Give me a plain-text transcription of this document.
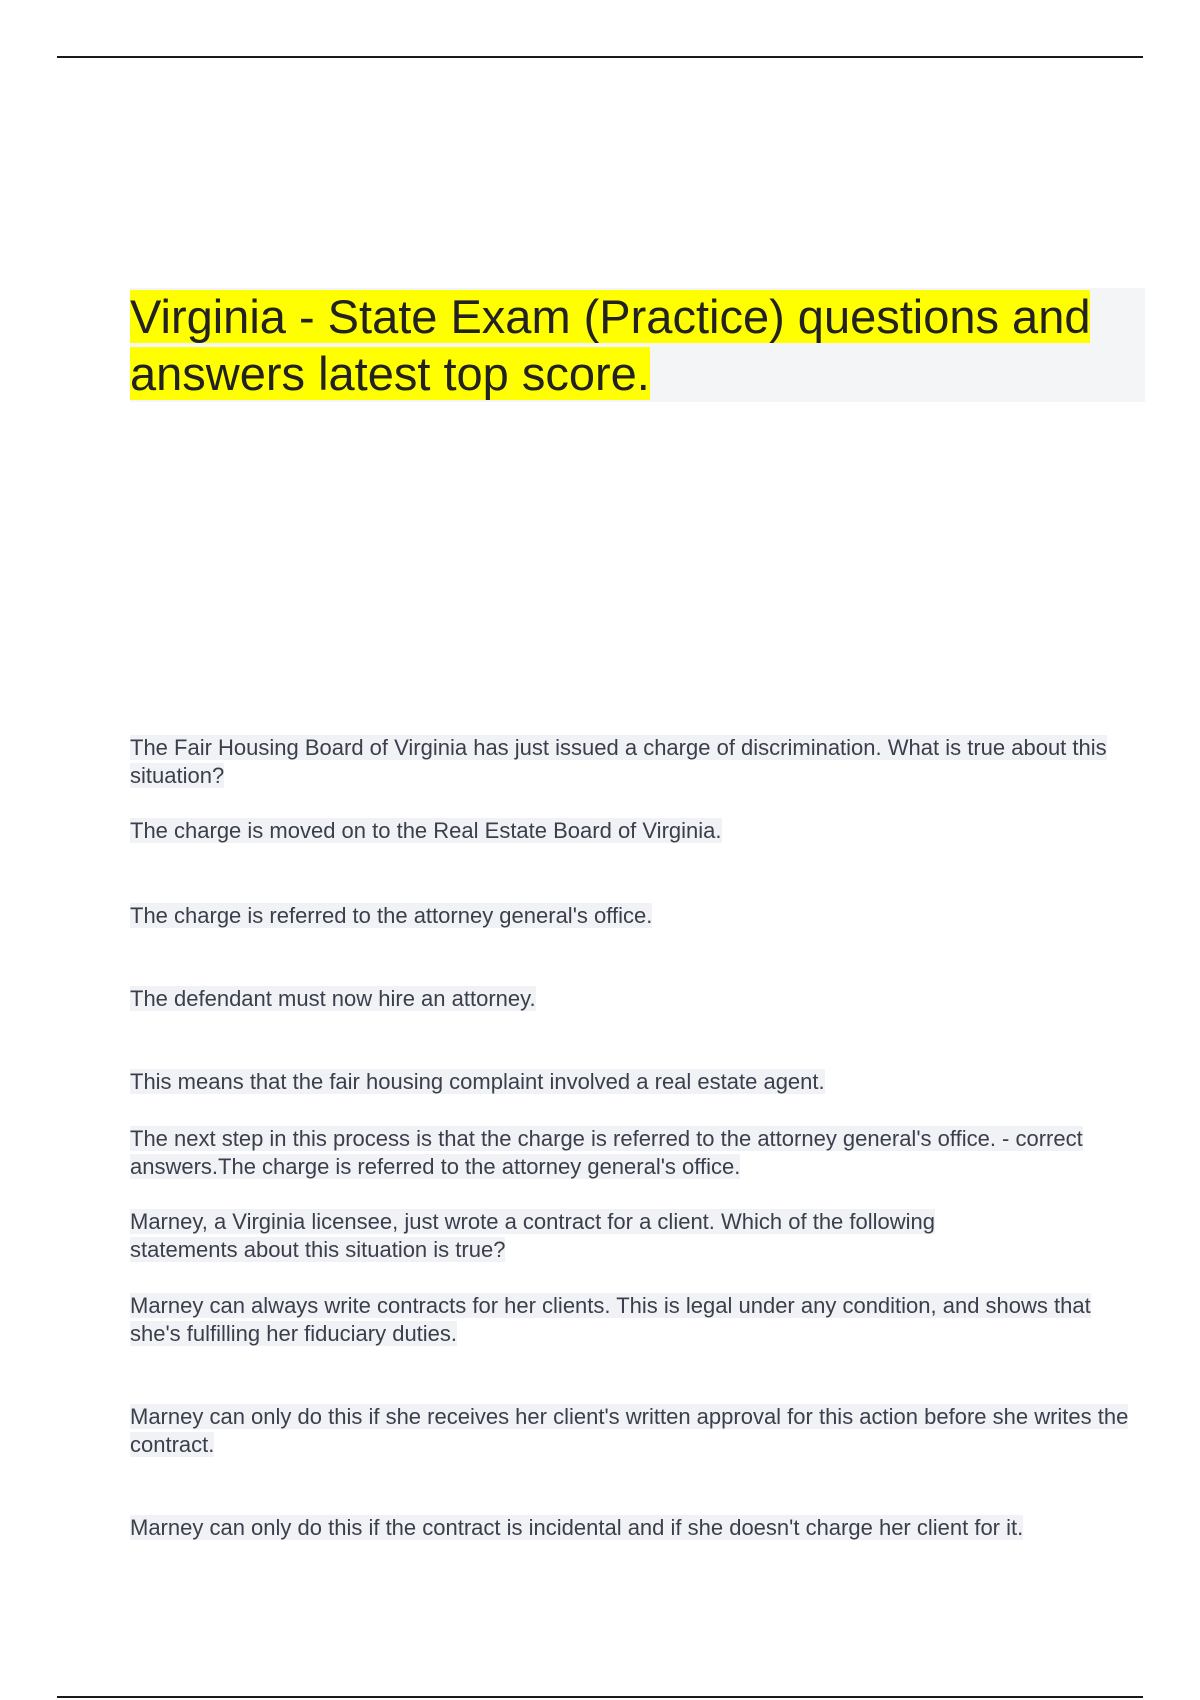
Virginia - State Exam (Practice) questions and answers latest top score.

The Fair Housing Board of Virginia has just issued a charge of discrimination. What is true about this situation?

The charge is moved on to the Real Estate Board of Virginia.

The charge is referred to the attorney general's office.

The defendant must now hire an attorney.

This means that the fair housing complaint involved a real estate agent.

The next step in this process is that the charge is referred to the attorney general's office. - correct answers.The charge is referred to the attorney general's office.

Marney, a Virginia licensee, just wrote a contract for a client. Which of the following statements about this situation is true?

Marney can always write contracts for her clients. This is legal under any condition, and shows that she's fulfilling her fiduciary duties.

Marney can only do this if she receives her client's written approval for this action before she writes the contract.

Marney can only do this if the contract is incidental and if she doesn't charge her client for it.
